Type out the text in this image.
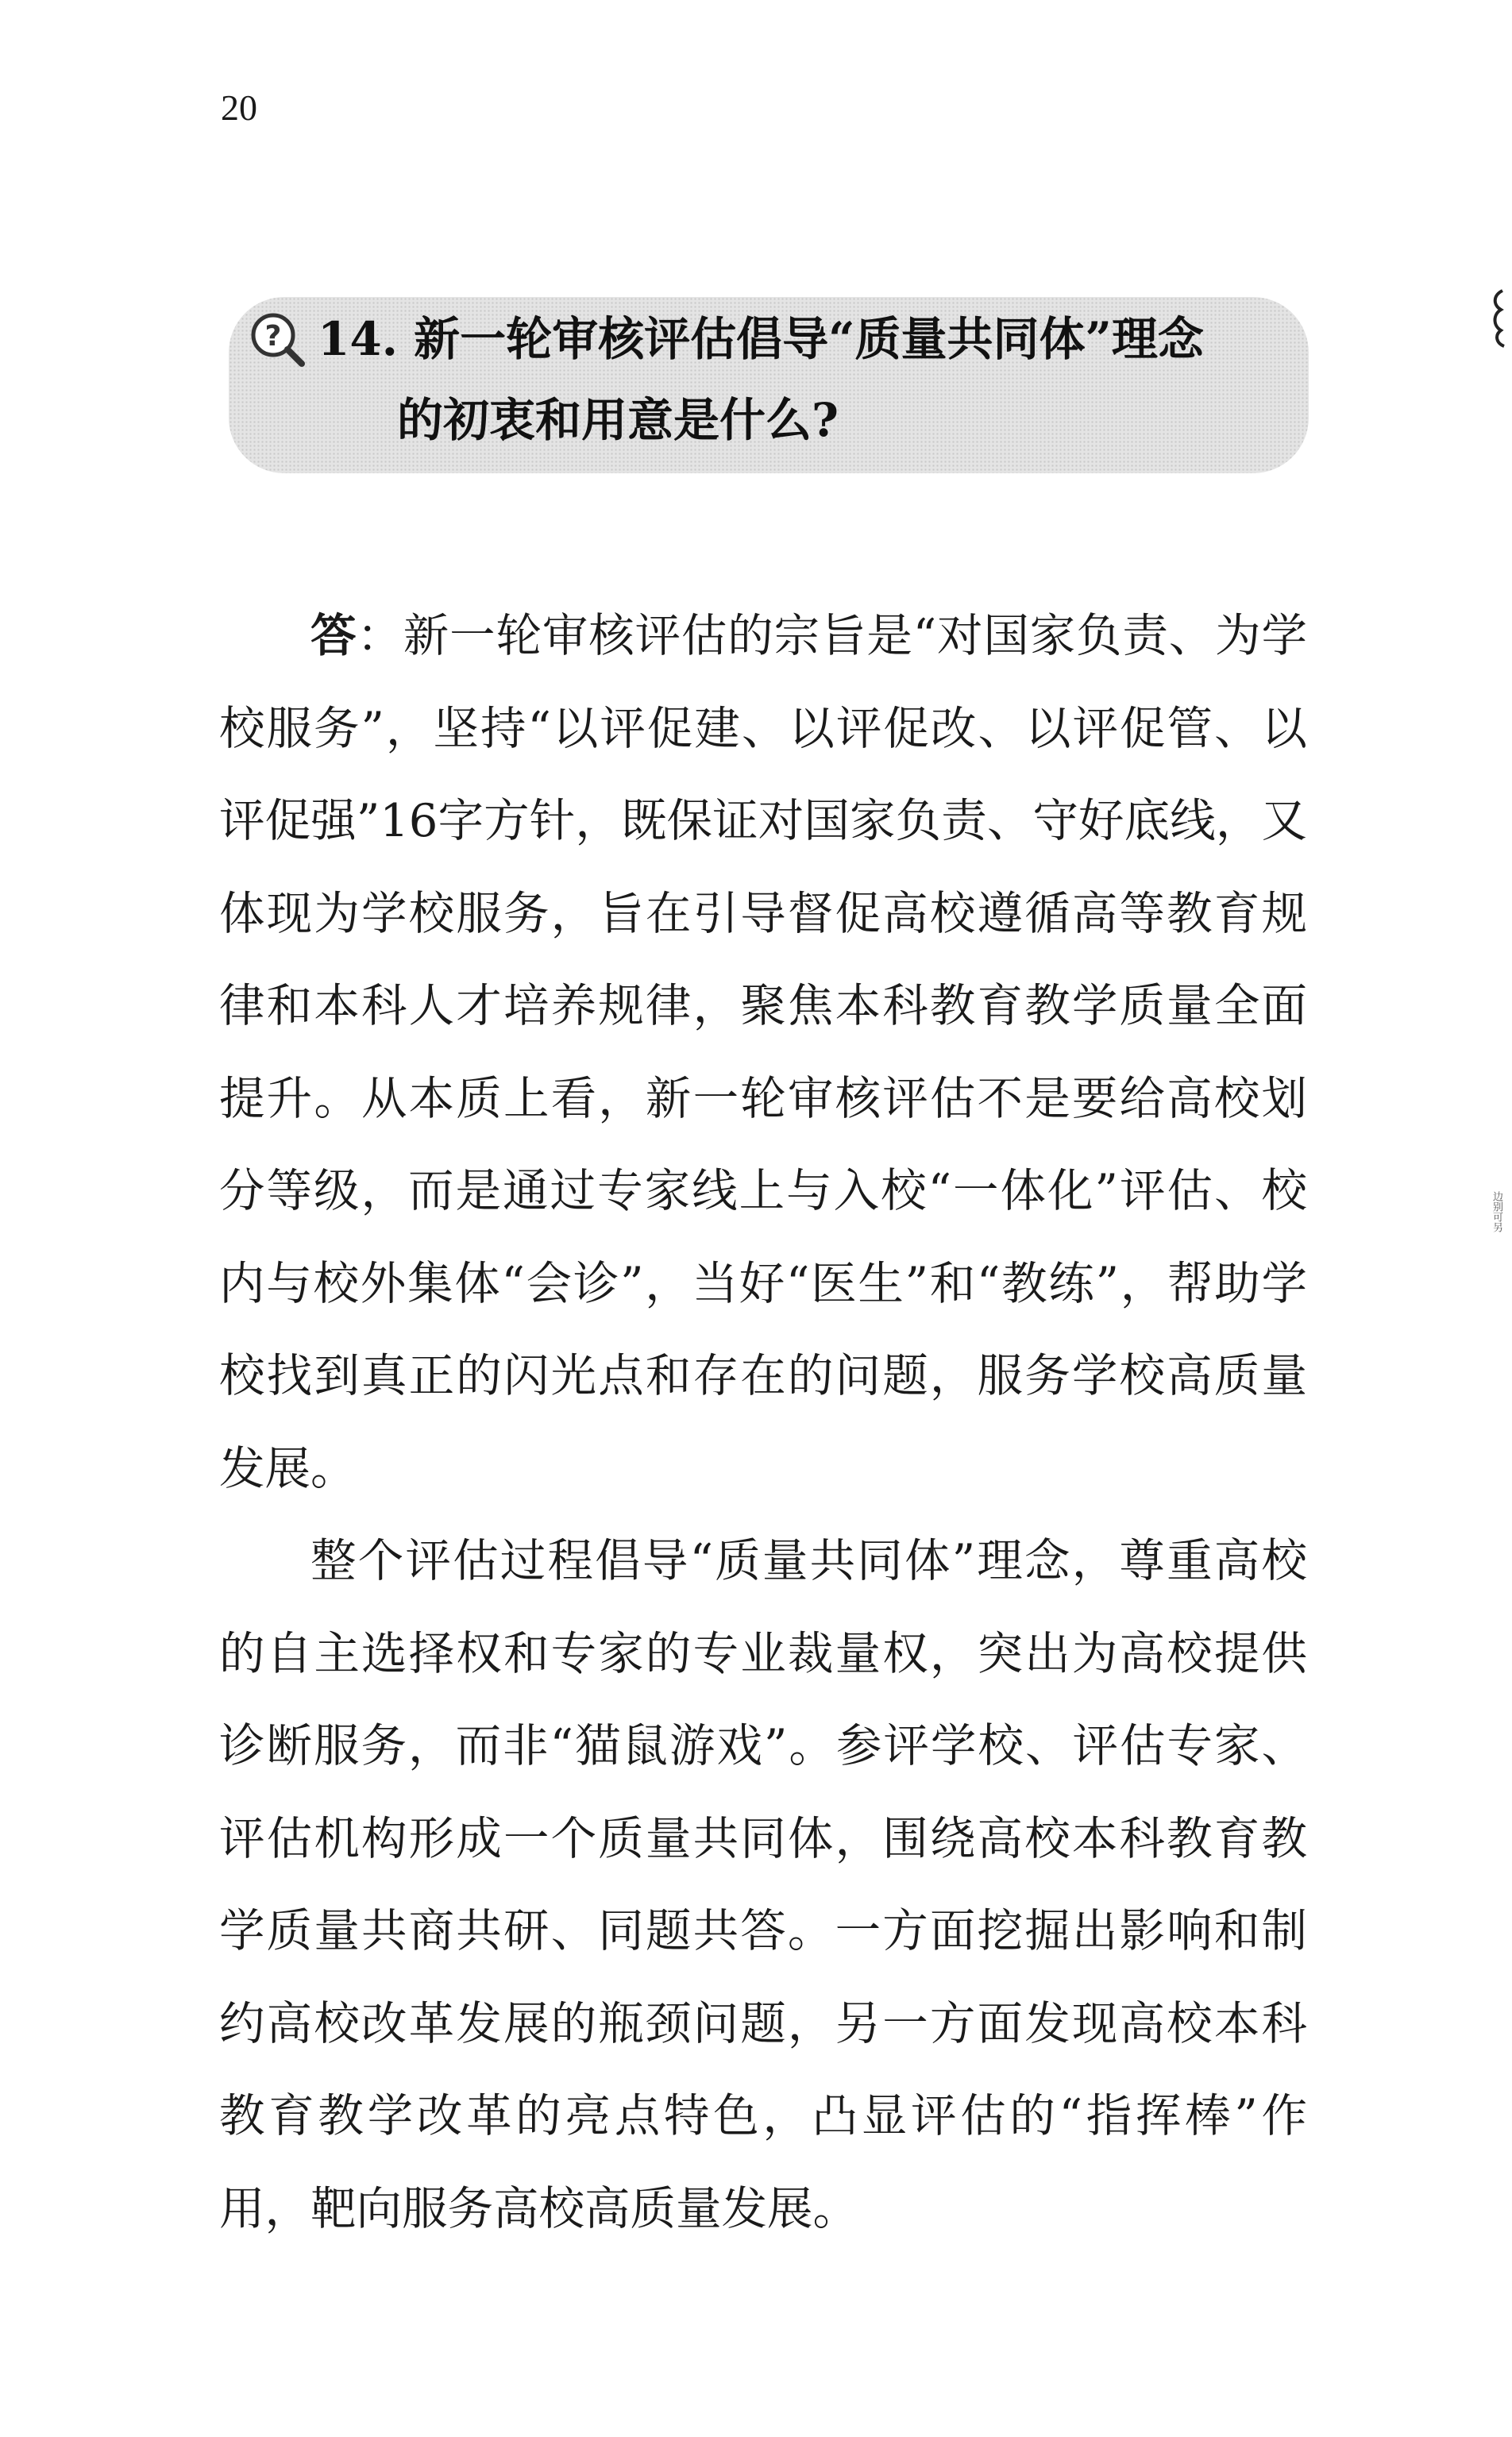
20
? 14. 新一轮审核评估倡导“质量共同体”理念
的初衷和用意是什么?

答：新一轮审核评估的宗旨是“对国家负责、为学校服务”，坚持“以评促建、以评促改、以评促管、以评促强”16字方针，既保证对国家负责、守好底线，又体现为学校服务，旨在引导督促高校遵循高等教育规律和本科人才培养规律，聚焦本科教育教学质量全面提升。从本质上看，新一轮审核评估不是要给高校划分等级，而是通过专家线上与入校“一体化”评估、校内与校外集体“会诊”，当好“医生”和“教练”，帮助学校找到真正的闪光点和存在的问题，服务学校高质量发展。

整个评估过程倡导“质量共同体”理念，尊重高校的自主选择权和专家的专业裁量权，突出为高校提供诊断服务，而非“猫鼠游戏”。参评学校、评估专家、评估机构形成一个质量共同体，围绕高校本科教育教学质量共商共研、同题共答。一方面挖掘出影响和制约高校改革发展的瓶颈问题，另一方面发现高校本科教育教学改革的亮点特色，凸显评估的“指挥棒”作用，靶向服务高校高质量发展。

边别可另
